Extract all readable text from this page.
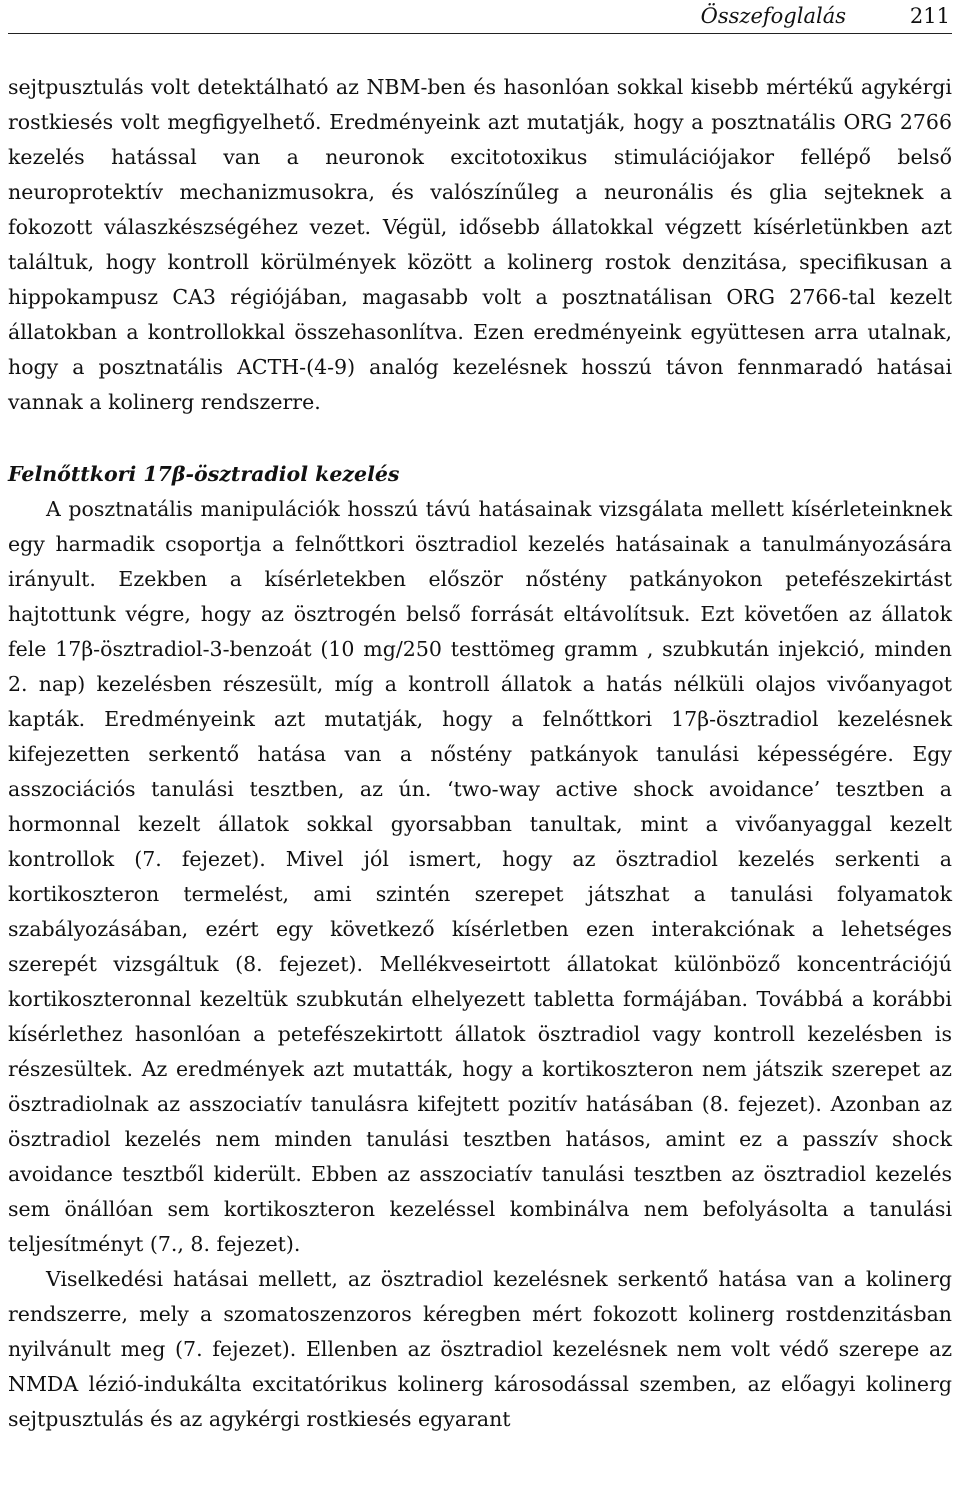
Összefoglalás	211

sejtpusztulás volt detektálható az NBM-ben és hasonlóan sokkal kisebb mértékű agykérgi rostkiesés volt megfigyelhető. Eredményeink azt mutatják, hogy a posztnatális ORG 2766 kezelés hatással van a neuronok excitotoxikus stimulációjakor fellépő belső neuroprotektív mechanizmusokra, és valószínűleg a neuronális és glia sejteknek a fokozott válaszkészségéhez vezet. Végül, idősebb állatokkal végzett kísérletünkben azt találtuk, hogy kontroll körülmények között a kolinerg rostok denzitása, specifikusan a hippokampusz CA3 régiójában, magasabb volt a posztnatálisan ORG 2766-tal kezelt állatokban a kontrollokkal összehasonlítva. Ezen eredményeink együttesen arra utalnak, hogy a posztnatális ACTH-(4-9) analóg kezelésnek hosszú távon fennmaradó hatásai vannak a kolinerg rendszerre.

Felnőttkori 17β-ösztradiol kezelés

A posztnatális manipulációk hosszú távú hatásainak vizsgálata mellett kísérleteinknek egy harmadik csoportja a felnőttkori ösztradiol kezelés hatásainak a tanulmányozására irányult. Ezekben a kísérletekben először nőstény patkányokon petefészekirtást hajtottunk végre, hogy az ösztrogén belső forrását eltávolítsuk. Ezt követően az állatok fele 17β-ösztradiol-3-benzoát (10 mg/250 testtömeg gramm , szubkután injekció, minden 2. nap) kezelésben részesült, míg a kontroll állatok a hatás nélküli olajos vivőanyagot kapták. Eredményeink azt mutatják, hogy a felnőttkori 17β-ösztradiol kezelésnek kifejezetten serkentő hatása van a nőstény patkányok tanulási képességére. Egy asszociációs tanulási tesztben, az ún. ‘two-way active shock avoidance’ tesztben a hormonnal kezelt állatok sokkal gyorsabban tanultak, mint a vivőanyaggal kezelt kontrollok (7. fejezet). Mivel jól ismert, hogy az ösztradiol kezelés serkenti a kortikoszteron termelést, ami szintén szerepet játszhat a tanulási folyamatok szabályozásában, ezért egy következő kísérletben ezen interakciónak a lehetséges szerepét vizsgáltuk (8. fejezet). Mellékveseirtott állatokat különböző koncentrációjú kortikoszteronnal kezeltük szubkután elhelyezett tabletta formájában. Továbbá a korábbi kísérlethez hasonlóan a petefészekirtott állatok ösztradiol vagy kontroll kezelésben is részesültek. Az eredmények azt mutatták, hogy a kortikoszteron nem játszik szerepet az ösztradiolnak az asszociatív tanulásra kifejtett pozitív hatásában (8. fejezet). Azonban az ösztradiol kezelés nem minden tanulási tesztben hatásos, amint ez a passzív shock avoidance tesztből kiderült. Ebben az asszociatív tanulási tesztben az ösztradiol kezelés sem önállóan sem kortikoszteron kezeléssel kombinálva nem befolyásolta a tanulási teljesítményt (7., 8. fejezet).

Viselkedési hatásai mellett, az ösztradiol kezelésnek serkentő hatása van a kolinerg rendszerre, mely a szomatoszenzoros kéregben mért fokozott kolinerg rostdenzitásban nyilvánult meg (7. fejezet). Ellenben az ösztradiol kezelésnek nem volt védő szerepe az NMDA lézió-indukálta excitatórikus kolinerg károsodással szemben, az előagyi kolinerg sejtpusztulás és az agykérgi rostkiesés egyarant
